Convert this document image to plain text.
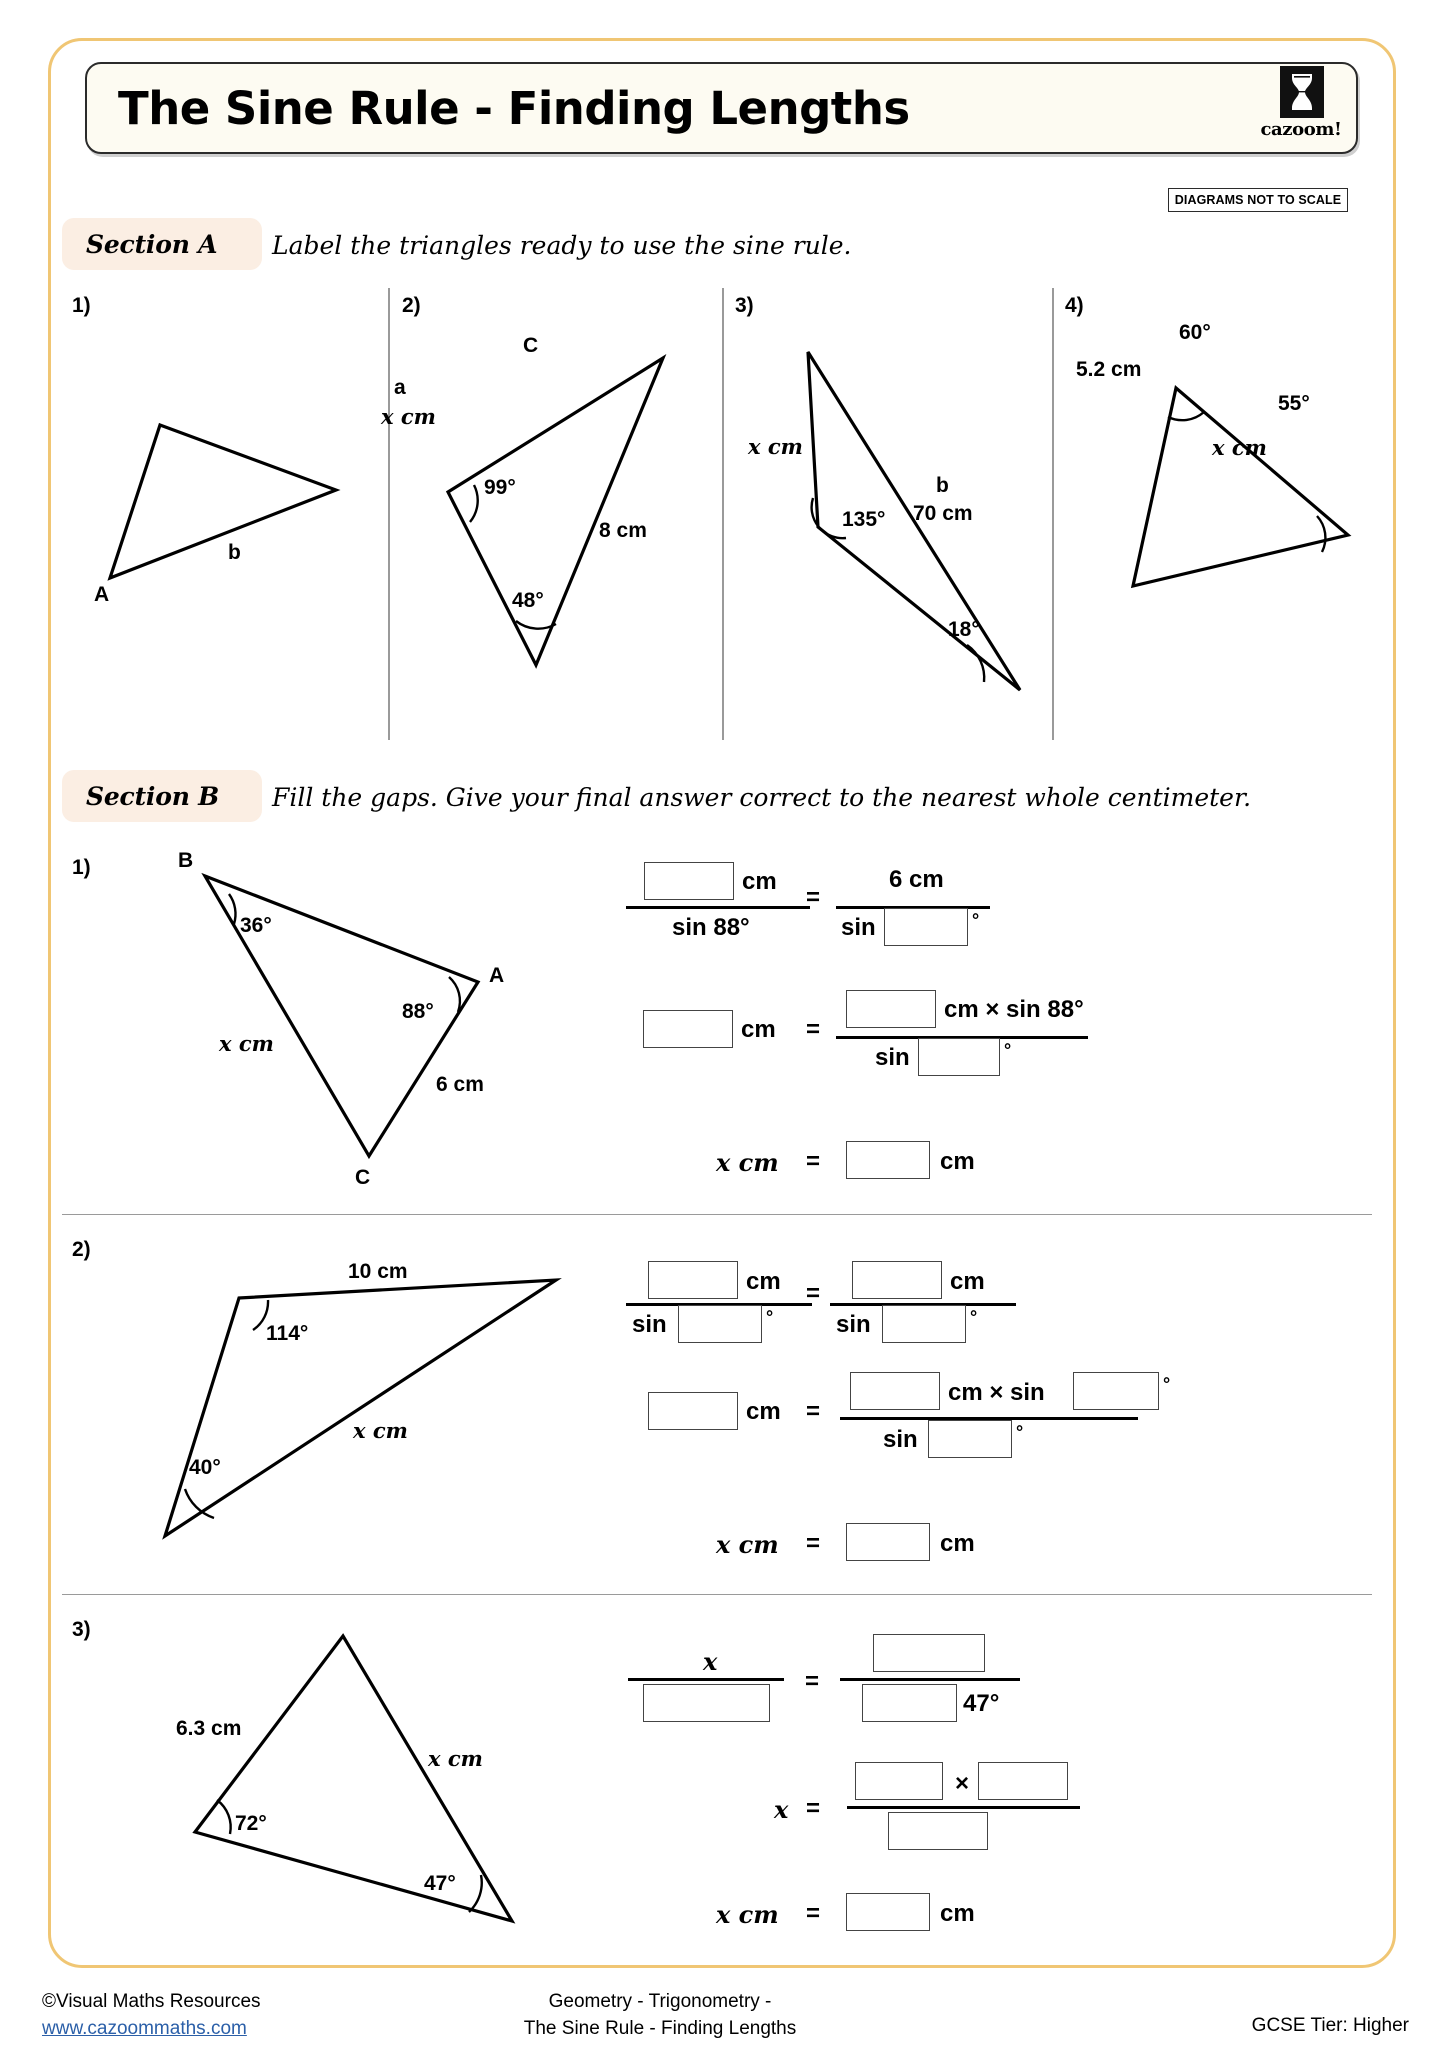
The Sine Rule - Finding Lengths	cazoom!
DIAGRAMS NOT TO SCALE
Section A Label the triangles ready to use the sine rule.
1)
A
b
2)
C
a
x cm
99°
48°
8 cm
3)
x cm
135°
b
70 cm
18°
4)
60°
5.2 cm
55°
x cm
Section B Fill the gaps. Give your final answer correct to the nearest whole centimeter.
1)	B
A
C
36°
88°
x cm
6 cm
cm
sin 88°
=
6 cm
sin	°
cm =
cm × sin 88°
sin	°
x cm =	cm
2)
10 cm
114°
40°
x cm
cm
sin	°
=	cm
sin	°
cm =
cm × sin	°
sin	°
x cm =	cm
3)
6.3 cm
x cm
72°
47°
x
=
47°
x =
×
x cm =	cm
©Visual Maths Resources
www.cazoommaths.com
Geometry - Trigonometry -
The Sine Rule - Finding Lengths	GCSE Tier: Higher
